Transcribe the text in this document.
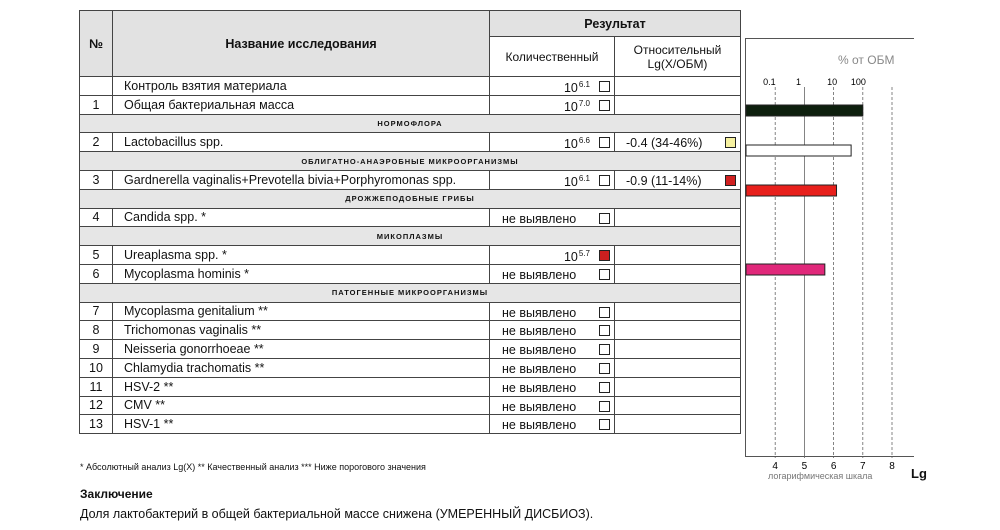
№	Название исследования	Результат	
		Количественный	Относительный
Lg(X/ОБМ)
	Контроль взятия материала	$10^{6.1}$

1	Общая бактериальная масса	$10^{7.0}$

НОРМОФЛОРА			
2	Lactobacillus spp.	$10^{6.6}$	-0.4 (34-46%)

ОБЛИГАТНО-АНАЭРОБНЫЕ МИКРООРГАНИЗМЫ			
3	Gardnerella vaginalis+Prevotella bivia+Porphyromonas spp.	$10^{6.1}$	-0.9 (11-14%)

ДРОЖЖЕПОДОБНЫЕ ГРИБЫ			
4	Candida spp. *	не выявлено	

МИКОПЛАЗМЫ			
5	Ureaplasma spp. *	$10^{5.7}$

6	Mycoplasma hominis *	не выявлено	

ПАТОГЕННЫЕ МИКРООРГАНИЗМЫ			
7	Mycoplasma genitalium **	не выявлено	

8	Trichomonas vaginalis **	не выявлено	

9	Neisseria gonorrhoeae **	не выявлено	

10	Chlamydia trachomatis **	не выявлено	

11	HSV-2 **	не выявлено	

12	CMV **	не выявлено	

13	HSV-1 **	не выявлено	

4 5 6 7 8
0.1 1	10 100
% от ОБМ
логарифмическая шкала	Lg
* Абсолютный анализ Lg(X) ** Качественный анализ *** Ниже порогового значения
Заключение
Доля лактобактерий в общей бактериальной массе снижена (УМЕРЕННЫЙ ДИСБИОЗ).
